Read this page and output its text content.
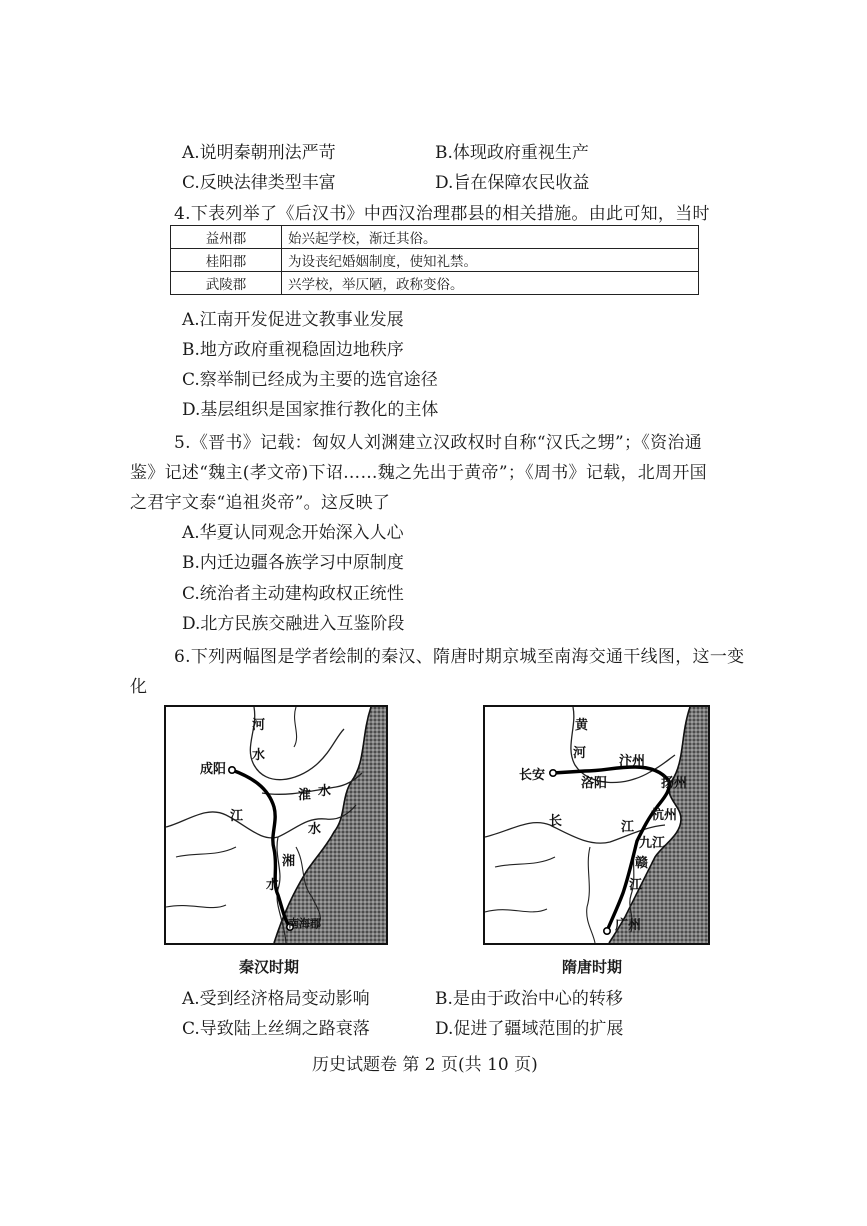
A.说明秦朝刑法严苛	B.体现政府重视生产
C.反映法律类型丰富	D.旨在保障农民收益
4.下表列举了《后汉书》中西汉治理郡县的相关措施。由此可知，当时
益州郡	始兴起学校，渐迁其俗。
桂阳郡	为设丧纪婚姻制度，使知礼禁。
武陵郡	兴学校，举仄陋，政称变俗。
A.江南开发促进文教事业发展
B.地方政府重视稳固边地秩序
C.察举制已经成为主要的选官途径
D.基层组织是国家推行教化的主体
5.《晋书》记载：匈奴人刘渊建立汉政权时自称“汉氏之甥”；《资治通
鉴》记述“魏主(孝文帝)下诏……魏之先出于黄帝”；《周书》记载，北周开国
之君宇文泰“追祖炎帝”。这反映了
A.华夏认同观念开始深入人心
B.内迁边疆各族学习中原制度
C.统治者主动建构政权正统性
D.北方民族交融进入互鉴阶段
6.下列两幅图是学者绘制的秦汉、隋唐时期京城至南海交通干线图，这一变
化
河
水
成阳
淮 水
江
水
湘
水
南海郡
秦汉时期
黄
河
汴州
长安
洛阳	扬州
杭州
长	江
九江
赣
江
广州
隋唐时期
A.受到经济格局变动影响	B.是由于政治中心的转移
C.导致陆上丝绸之路衰落	D.促进了疆域范围的扩展
历史试题卷 第 2 页(共 10 页)
